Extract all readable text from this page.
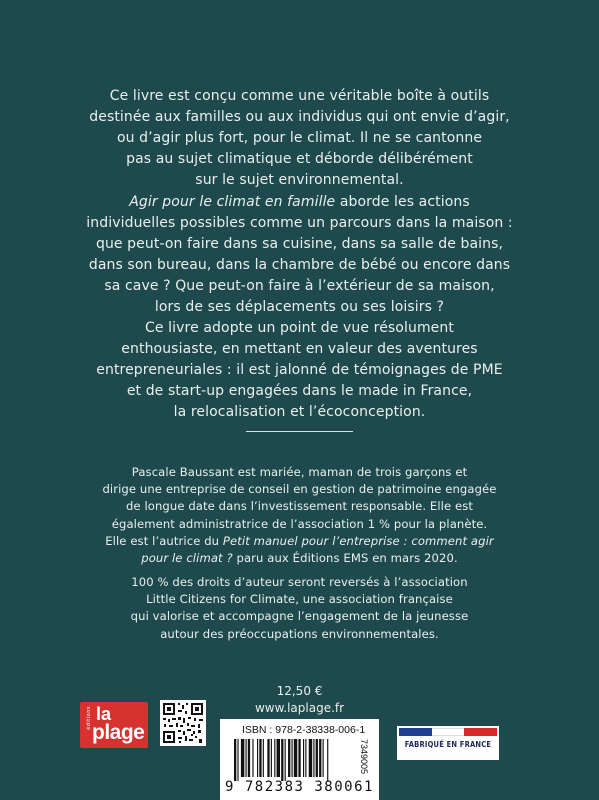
Ce livre est conçu comme une véritable boîte à outils
destinée aux familles ou aux individus qui ont envie d’agir,
ou d’agir plus fort, pour le climat. Il ne se cantonne
pas au sujet climatique et déborde délibérément
sur le sujet environnemental.
Agir pour le climat en famille aborde les actions
individuelles possibles comme un parcours dans la maison :
que peut-on faire dans sa cuisine, dans sa salle de bains,
dans son bureau, dans la chambre de bébé ou encore dans
sa cave ? Que peut-on faire à l’extérieur de sa maison,
lors de ses déplacements ou ses loisirs ?
Ce livre adopte un point de vue résolument
enthousiaste, en mettant en valeur des aventures
entrepreneuriales : il est jalonné de témoignages de PME
et de start-up engagées dans le made in France,
la relocalisation et l’écoconception.
Pascale Baussant est mariée, maman de trois garçons et
dirige une entreprise de conseil en gestion de patrimoine engagée
de longue date dans l’investissement responsable. Elle est
également administratrice de l’association 1 % pour la planète.
Elle est l’autrice du Petit manuel pour l’entreprise : comment agir
pour le climat ? paru aux Éditions EMS en mars 2020.
100 % des droits d’auteur seront reversés à l’association
Little Citizens for Climate, une association française
qui valorise et accompagne l’engagement de la jeunesse
autour des préoccupations environnementales.
12,50 €
www.laplage.fr
éditions la
plage	ISBN : 978-2-38338-006-1
9 782383 380061
7349005	FABRIQUÉ EN FRANCE
